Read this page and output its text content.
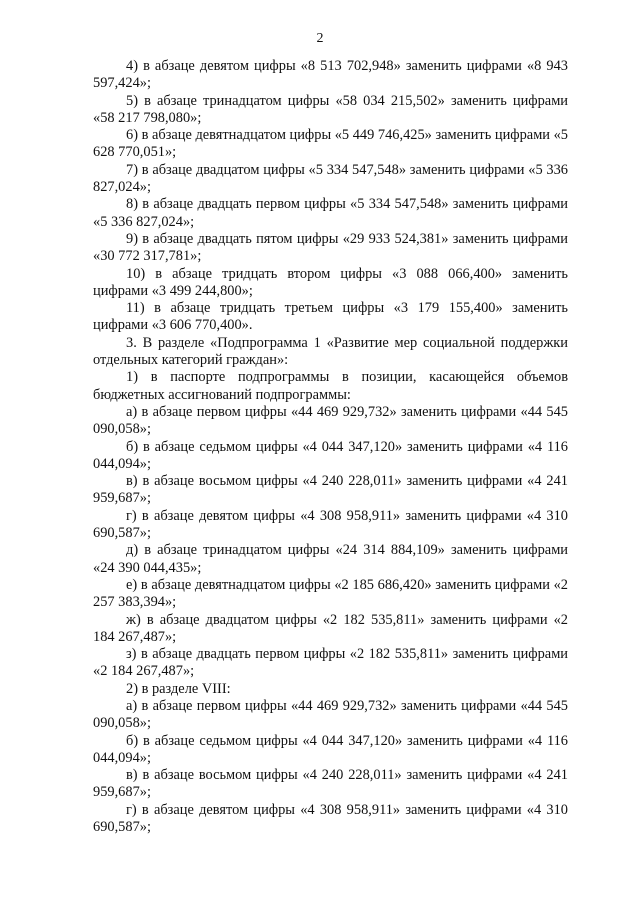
2

4) в абзаце девятом цифры «8 513 702,948» заменить цифрами «8 943 597,424»;

5) в абзаце тринадцатом цифры «58 034 215,502» заменить цифрами «58 217 798,080»;

6) в абзаце девятнадцатом цифры «5 449 746,425» заменить цифрами «5 628 770,051»;

7) в абзаце двадцатом цифры «5 334 547,548» заменить цифрами «5 336 827,024»;

8) в абзаце двадцать первом цифры «5 334 547,548» заменить цифрами «5 336 827,024»;

9) в абзаце двадцать пятом цифры «29 933 524,381» заменить цифрами «30 772 317,781»;

10) в абзаце тридцать втором цифры «3 088 066,400» заменить цифрами «3 499 244,800»;

11) в абзаце тридцать третьем цифры «3 179 155,400» заменить цифрами «3 606 770,400».

3. В разделе «Подпрограмма 1 «Развитие мер социальной поддержки отдельных категорий граждан»:

1) в паспорте подпрограммы в позиции, касающейся объемов бюджетных ассигнований подпрограммы:

а) в абзаце первом цифры «44 469 929,732» заменить цифрами «44 545 090,058»;

б) в абзаце седьмом цифры «4 044 347,120» заменить цифрами «4 116 044,094»;

в) в абзаце восьмом цифры «4 240 228,011» заменить цифрами «4 241 959,687»;

г) в абзаце девятом цифры «4 308 958,911» заменить цифрами «4 310 690,587»;

д) в абзаце тринадцатом цифры «24 314 884,109» заменить цифрами «24 390 044,435»;

е) в абзаце девятнадцатом цифры «2 185 686,420» заменить цифрами «2 257 383,394»;

ж) в абзаце двадцатом цифры «2 182 535,811» заменить цифрами «2 184 267,487»;

з) в абзаце двадцать первом цифры «2 182 535,811» заменить цифрами «2 184 267,487»;

2) в разделе VIII:

а) в абзаце первом цифры «44 469 929,732» заменить цифрами «44 545 090,058»;

б) в абзаце седьмом цифры «4 044 347,120» заменить цифрами «4 116 044,094»;

в) в абзаце восьмом цифры «4 240 228,011» заменить цифрами «4 241 959,687»;

г) в абзаце девятом цифры «4 308 958,911» заменить цифрами «4 310 690,587»;
